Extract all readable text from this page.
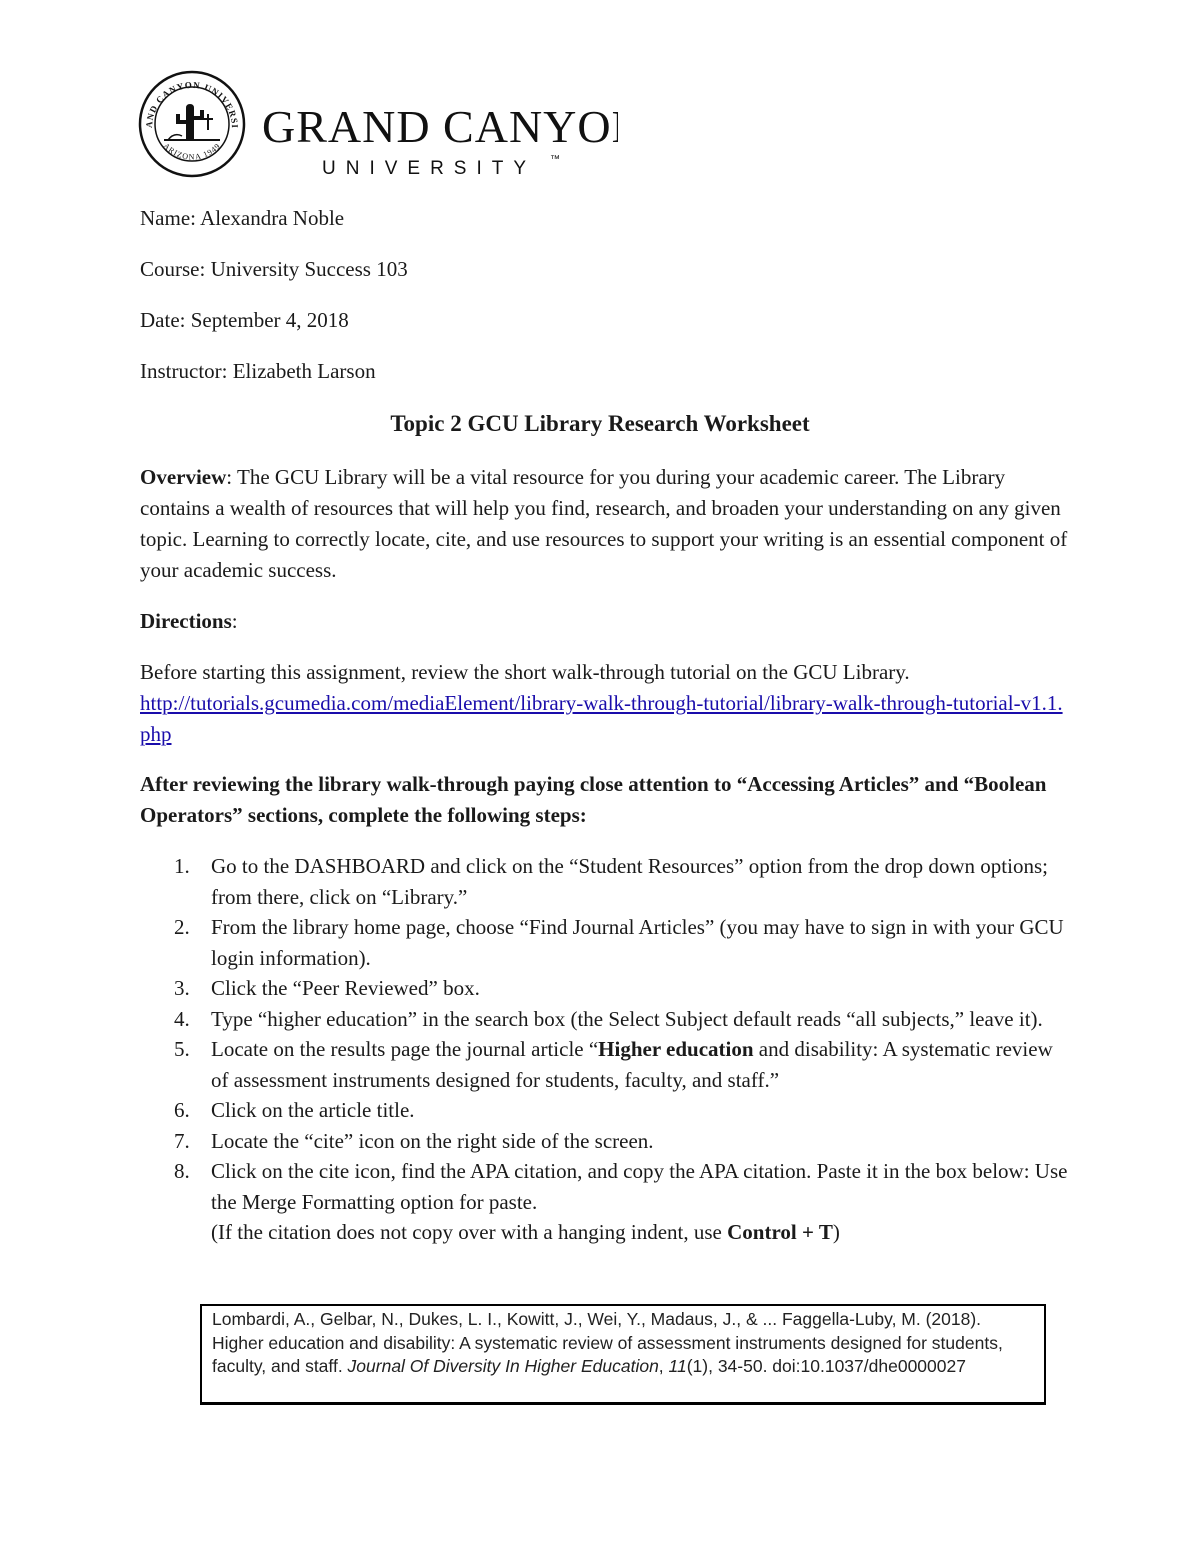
AND CANYON UNIVERSI
ARIZONA 1949 GRAND CANYON
UNIVERSITY ™
Name: Alexandra Noble
Course: University Success 103
Date: September 4, 2018
Instructor: Elizabeth Larson
Topic 2 GCU Library Research Worksheet
Overview: The GCU Library will be a vital resource for you during your academic career. The Library contains a wealth of resources that will help you find, research, and broaden your understanding on any given topic. Learning to correctly locate, cite, and use resources to support your writing is an essential component of your academic success.
Directions:
Before starting this assignment, review the short walk-through tutorial on the GCU Library.
http://tutorials.gcumedia.com/mediaElement/library-walk-through-tutorial/library-walk-through-tutorial-v1.1.php
After reviewing the library walk-through paying close attention to “Accessing Articles” and “Boolean Operators” sections, complete the following steps:
1. Go to the DASHBOARD and click on the “Student Resources” option from the drop down options; from there, click on “Library.”
2. From the library home page, choose “Find Journal Articles” (you may have to sign in with your GCU login information).
3. Click the “Peer Reviewed” box.
4. Type “higher education” in the search box (the Select Subject default reads “all subjects,” leave it).
5. Locate on the results page the journal article “Higher education and disability: A systematic review of assessment instruments designed for students, faculty, and staff.”
6. Click on the article title.
7. Locate the “cite” icon on the right side of the screen.
8. Click on the cite icon, find the APA citation, and copy the APA citation. Paste it in the box below: Use the Merge Formatting option for paste.
(If the citation does not copy over with a hanging indent, use Control + T)
Lombardi, A., Gelbar, N., Dukes, L. I., Kowitt, J., Wei, Y., Madaus, J., & ... Faggella-Luby, M. (2018). Higher education and disability: A systematic review of assessment instruments designed for students, faculty, and staff. Journal Of Diversity In Higher Education, 11(1), 34-50. doi:10.1037/dhe0000027
